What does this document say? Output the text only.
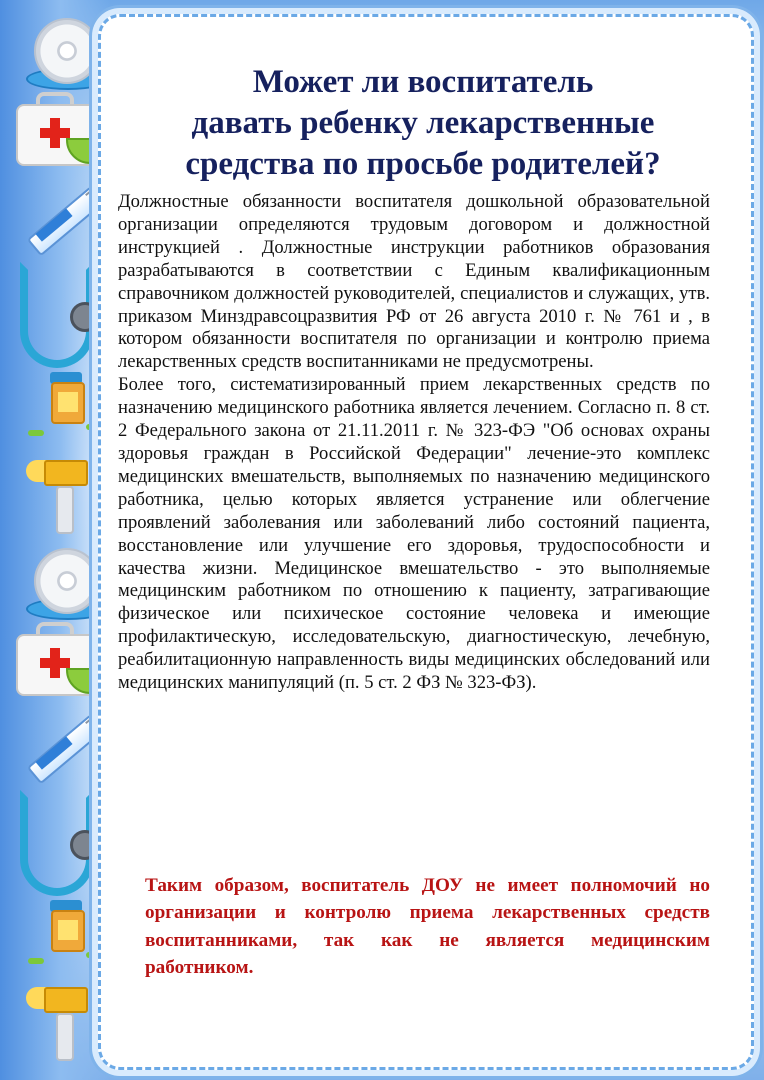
Может ли воспитатель
давать ребенку лекарственные
средства по просьбе родителей?

Должностные обязанности воспитателя дошкольной образовательной организации определяются трудовым договором и должностной инструкцией . Должностные инструкции работников образования разрабатываются в соответствии с Единым квалификационным справочником должностей руководителей, специалистов и служащих, утв. приказом Минздравсоцразвития РФ от 26 августа 2010 г. № 761 и , в котором обязанности воспитателя по организации и контролю приема лекарственных средств воспитанниками не предусмотрены.

Более того, систематизированный прием лекарственных средств по назначению медицинского работника является лечением. Согласно п. 8 ст. 2 Федерального закона от 21.11.2011 г. № 323-ФЭ "Об основах охраны здоровья граждан в Российской Федерации" лечение-это комплекс медицинских вмешательств, выполняемых по назначению медицинского работника, целью которых является устранение или облегчение проявлений заболевания или заболеваний либо состояний пациента, восстановление или улучшение его здоровья, трудоспособности и качества жизни. Медицинское вмешательство - это выполняемые медицинским работником по отношению к пациенту, затрагивающие физическое или психическое состояние человека и имеющие профилактическую, исследовательскую, диагностическую, лечебную, реабилитационную направленность виды медицинских обследований или медицинских манипуляций (п. 5 ст. 2 ФЗ № 323-ФЗ).

Таким образом, воспитатель ДОУ не имеет полномочий но организации и контролю приема лекарственных средств воспитанниками, так как не является медицинским работником.
